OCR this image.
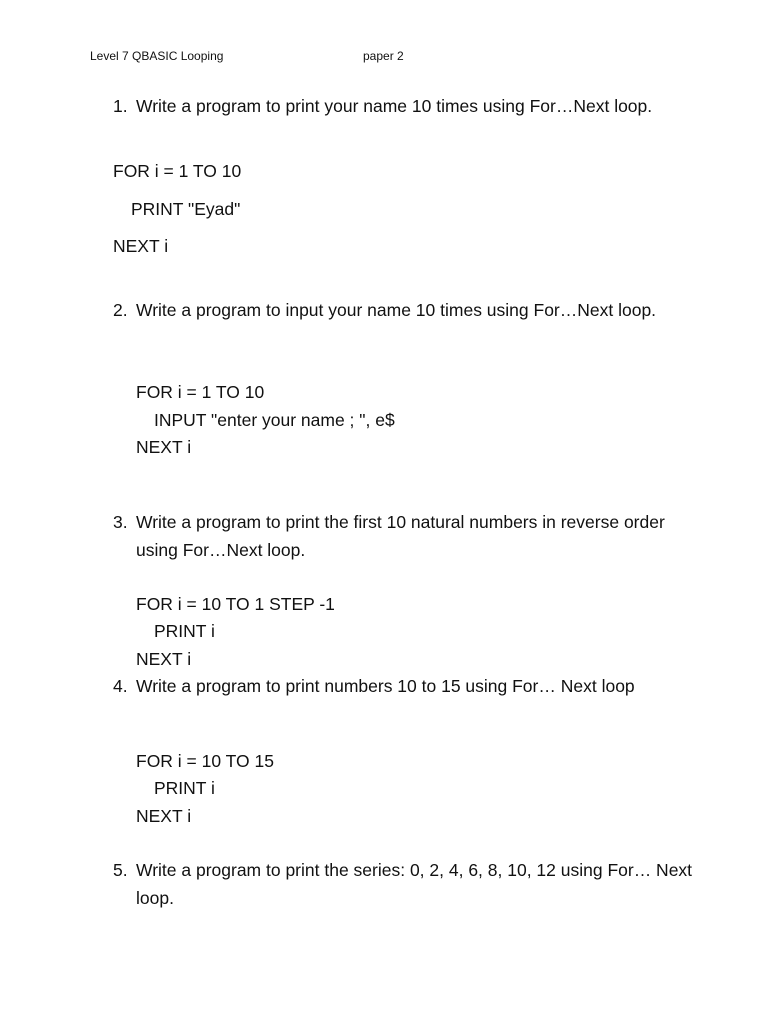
Level 7 QBASIC Looping	paper 2
1. Write a program to print your name 10 times using For…Next loop.
FOR i = 1 TO 10
PRINT "Eyad"
NEXT i
2. Write a program to input your name 10 times using For…Next loop.
FOR i = 1 TO 10
INPUT "enter your name ; ", e$
NEXT i
3. Write a program to print the first 10 natural numbers in reverse order using For…Next loop.
FOR i = 10 TO 1 STEP -1
PRINT i
NEXT i
4. Write a program to print numbers 10 to 15 using For… Next loop
FOR i = 10 TO 15
PRINT i
NEXT i
5. Write a program to print the series: 0, 2, 4, 6, 8, 10, 12 using For… Next loop.
